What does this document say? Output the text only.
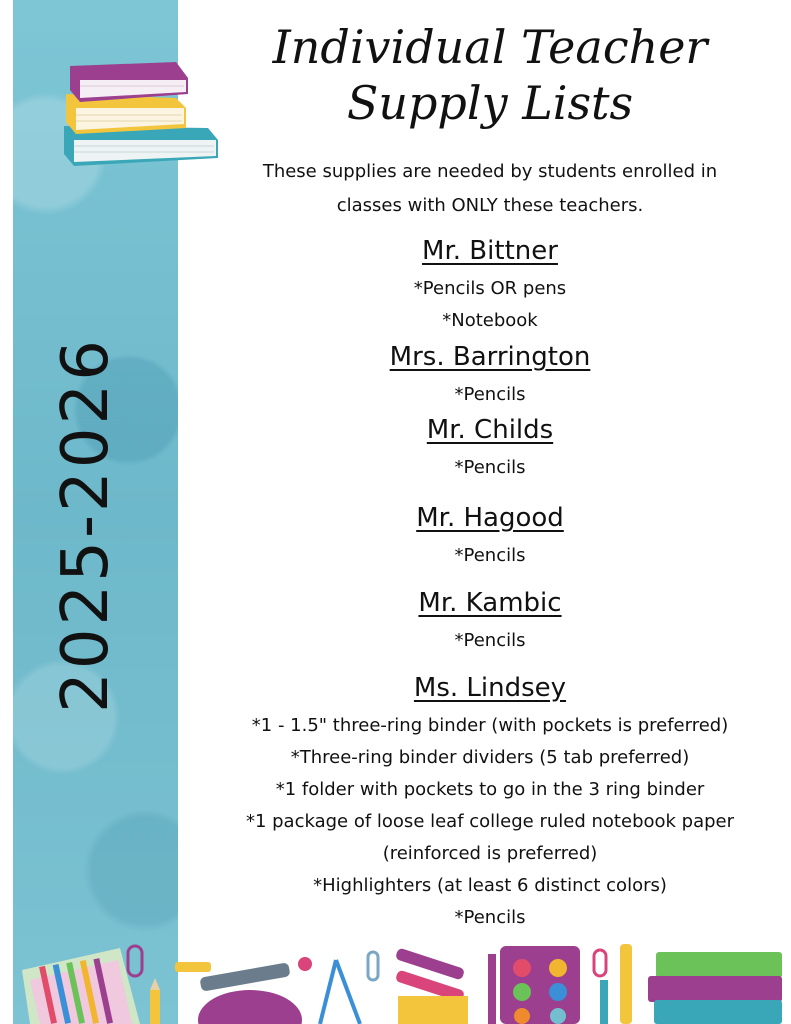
2025-2026
Individual Teacher
Supply Lists
These supplies are needed by students enrolled in
classes with ONLY these teachers.
Mr. Bittner
*Pencils OR pens
*Notebook
Mrs. Barrington
*Pencils
Mr. Childs
*Pencils
Mr. Hagood
*Pencils
Mr. Kambic
*Pencils
Ms. Lindsey
*1 - 1.5" three-ring binder (with pockets is preferred)
*Three-ring binder dividers (5 tab preferred)
*1 folder with pockets to go in the 3 ring binder
*1 package of loose leaf college ruled notebook paper
(reinforced is preferred)
*Highlighters (at least 6 distinct colors)
*Pencils
